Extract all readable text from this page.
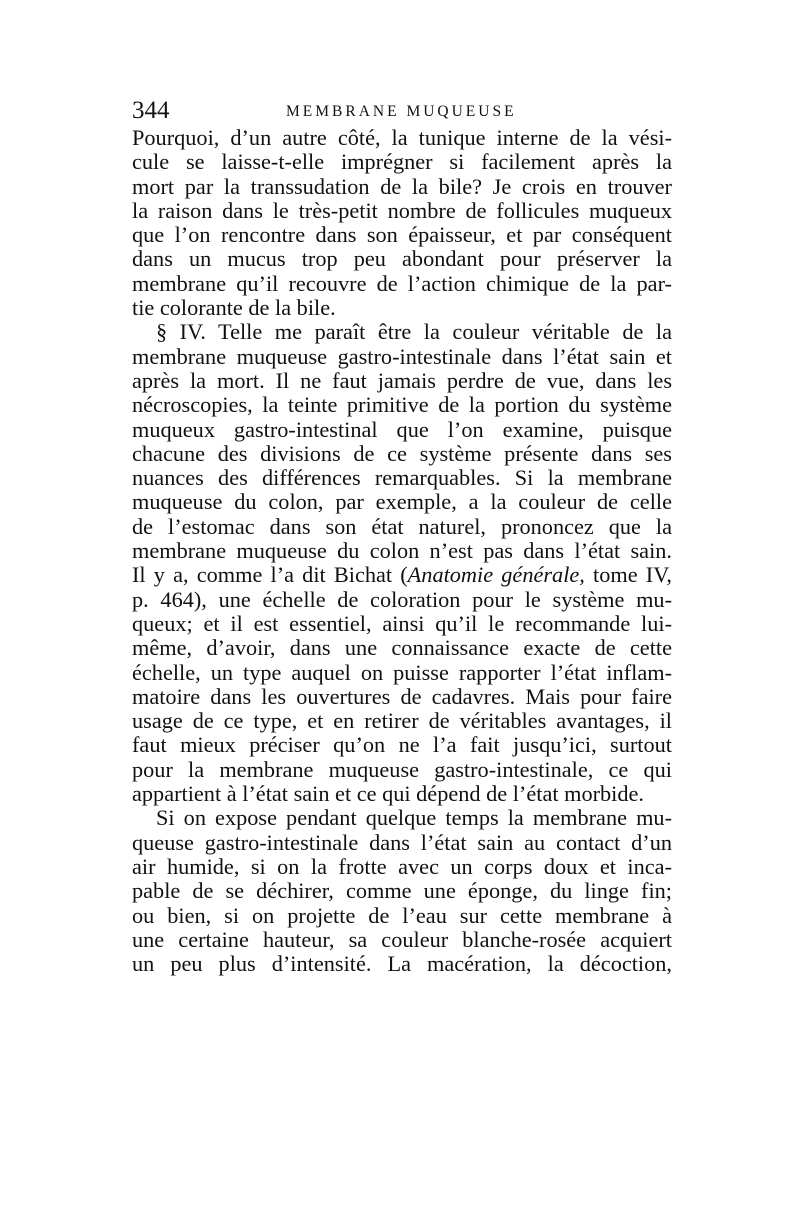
344	MEMBRANE MUQUEUSE
Pourquoi, d’un autre côté, la tunique interne de la vési-
cule se laisse-t-elle imprégner si facilement après la
mort par la transsudation de la bile? Je crois en trouver
la raison dans le très-petit nombre de follicules muqueux
que l’on rencontre dans son épaisseur, et par conséquent
dans un mucus trop peu abondant pour préserver la
membrane qu’il recouvre de l’action chimique de la par-
tie colorante de la bile.
§ IV. Telle me paraît être la couleur véritable de la
membrane muqueuse gastro-intestinale dans l’état sain et
après la mort. Il ne faut jamais perdre de vue, dans les
nécroscopies, la teinte primitive de la portion du système
muqueux gastro-intestinal que l’on examine, puisque
chacune des divisions de ce système présente dans ses
nuances des différences remarquables. Si la membrane
muqueuse du colon, par exemple, a la couleur de celle
de l’estomac dans son état naturel, prononcez que la
membrane muqueuse du colon n’est pas dans l’état sain.
Il y a, comme l’a dit Bichat (Anatomie générale, tome IV,
p. 464), une échelle de coloration pour le système mu-
queux; et il est essentiel, ainsi qu’il le recommande lui-
même, d’avoir, dans une connaissance exacte de cette
échelle, un type auquel on puisse rapporter l’état inflam-
matoire dans les ouvertures de cadavres. Mais pour faire
usage de ce type, et en retirer de véritables avantages, il
faut mieux préciser qu’on ne l’a fait jusqu’ici, surtout
pour la membrane muqueuse gastro-intestinale, ce qui
appartient à l’état sain et ce qui dépend de l’état morbide.
Si on expose pendant quelque temps la membrane mu-
queuse gastro-intestinale dans l’état sain au contact d’un
air humide, si on la frotte avec un corps doux et inca-
pable de se déchirer, comme une éponge, du linge fin;
ou bien, si on projette de l’eau sur cette membrane à
une certaine hauteur, sa couleur blanche-rosée acquiert
un peu plus d’intensité. La macération, la décoction,
